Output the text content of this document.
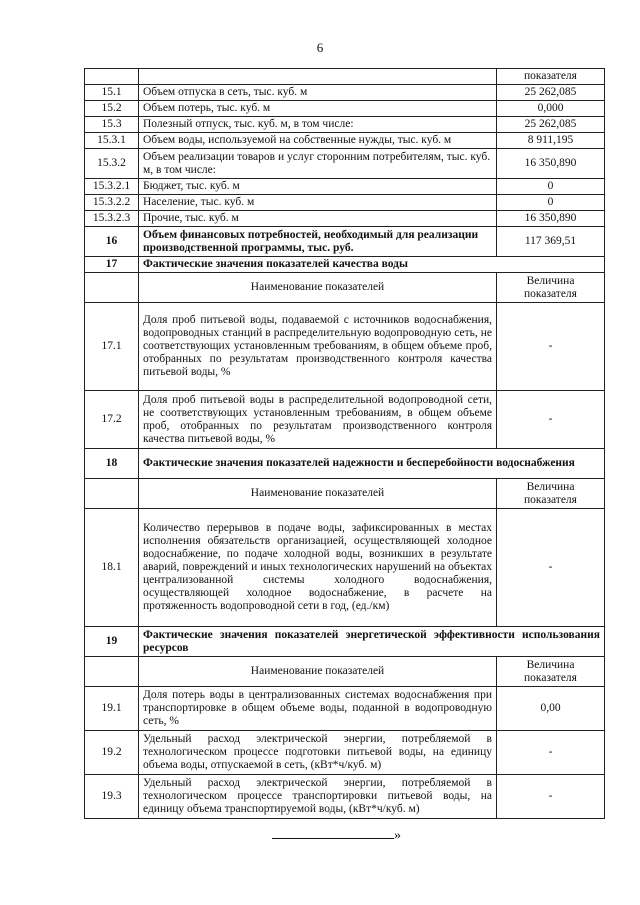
6
		показателя
15.1	Объем отпуска в сеть, тыс. куб. м	25 262,085
15.2	Объем потерь, тыс. куб. м	0,000
15.3	Полезный отпуск, тыс. куб. м, в том числе:	25 262,085
15.3.1	Объем воды, используемой на собственные нужды, тыс. куб. м	8 911,195
15.3.2	Объем реализации товаров и услуг сторонним потребителям, тыс. куб. м, в том числе:	16 350,890
15.3.2.1	Бюджет, тыс. куб. м	0
15.3.2.2	Население, тыс. куб. м	0
15.3.2.3	Прочие, тыс. куб. м	16 350,890
16	Объем финансовых потребностей, необходимый для реализации производственной программы, тыс. руб.	117 369,51
17	Фактические значения показателей качества воды	
	Наименование показателей	Величина показателя
17.1	Доля проб питьевой воды, подаваемой с источников водоснабжения, водопроводных станций в распределительную водопроводную сеть, не соответствующих установленным требованиям, в общем объеме проб, отобранных по результатам производственного контроля качества питьевой воды, %	-
17.2	Доля проб питьевой воды в распределительной водопроводной сети, не соответствующих установленным требованиям, в общем объеме проб, отобранных по результатам производственного контроля качества питьевой воды, %	-
18	Фактические значения показателей надежности и бесперебойности водоснабжения	
	Наименование показателей	Величина показателя
18.1	Количество перерывов в подаче воды, зафиксированных в местах исполнения обязательств организацией, осуществляющей холодное водоснабжение, по подаче холодной воды, возникших в результате аварий, повреждений и иных технологических нарушений на объектах централизованной системы холодного водоснабжения, осуществляющей холодное водоснабжение, в расчете на протяженность водопроводной сети в год, (ед./км)	-
19	Фактические значения показателей энергетической эффективности использования ресурсов	
	Наименование показателей	Величина показателя
19.1	Доля потерь воды в централизованных системах водоснабжения при транспортировке в общем объеме воды, поданной в водопроводную сеть, %	0,00
19.2	Удельный расход электрической энергии, потребляемой в технологическом процессе подготовки питьевой воды, на единицу объема воды, отпускаемой в сеть, (кВт*ч/куб. м)	-
19.3	Удельный расход электрической энергии, потребляемой в технологическом процессе транспортировки питьевой воды, на единицу объема транспортируемой воды, (кВт*ч/куб. м)	-
»
